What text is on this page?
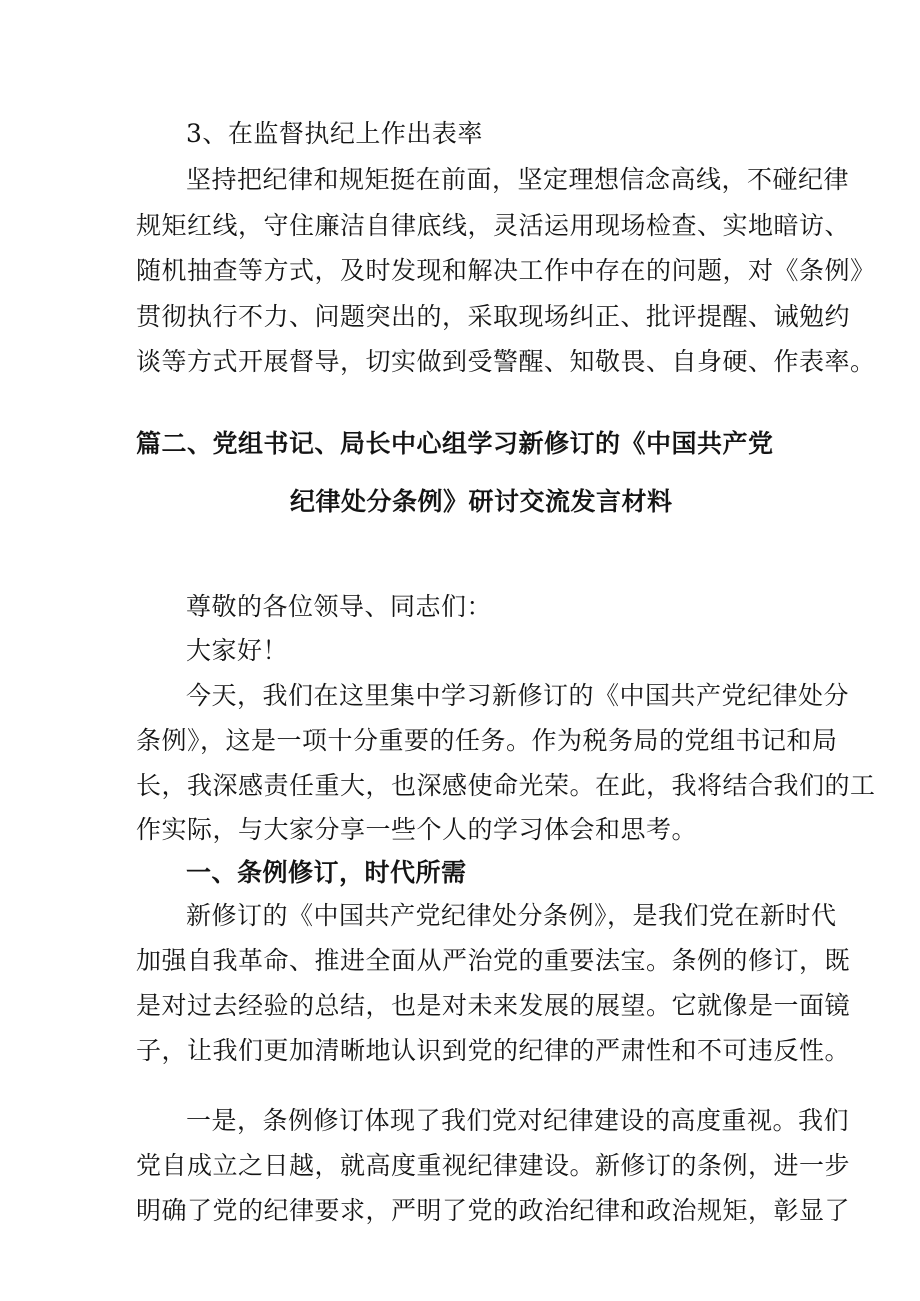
3、在监督执纪上作出表率
坚持把纪律和规矩挺在前面，坚定理想信念高线，不碰纪律
规矩红线，守住廉洁自律底线，灵活运用现场检查、实地暗访、
随机抽查等方式，及时发现和解决工作中存在的问题，对《条例》
贯彻执行不力、问题突出的，采取现场纠正、批评提醒、诫勉约
谈等方式开展督导，切实做到受警醒、知敬畏、自身硬、作表率。
篇二、党组书记、局长中心组学习新修订的《中国共产党
纪律处分条例》研讨交流发言材料
尊敬的各位领导、同志们：
大家好！
今天，我们在这里集中学习新修订的《中国共产党纪律处分
条例》，这是一项十分重要的任务。作为税务局的党组书记和局
长，我深感责任重大，也深感使命光荣。在此，我将结合我们的工
作实际，与大家分享一些个人的学习体会和思考。
一、条例修订，时代所需
新修订的《中国共产党纪律处分条例》，是我们党在新时代
加强自我革命、推进全面从严治党的重要法宝。条例的修订，既
是对过去经验的总结，也是对未来发展的展望。它就像是一面镜
子，让我们更加清晰地认识到党的纪律的严肃性和不可违反性。
一是，条例修订体现了我们党对纪律建设的高度重视。我们
党自成立之日越，就高度重视纪律建设。新修订的条例，进一步
明确了党的纪律要求，严明了党的政治纪律和政治规矩，彰显了
